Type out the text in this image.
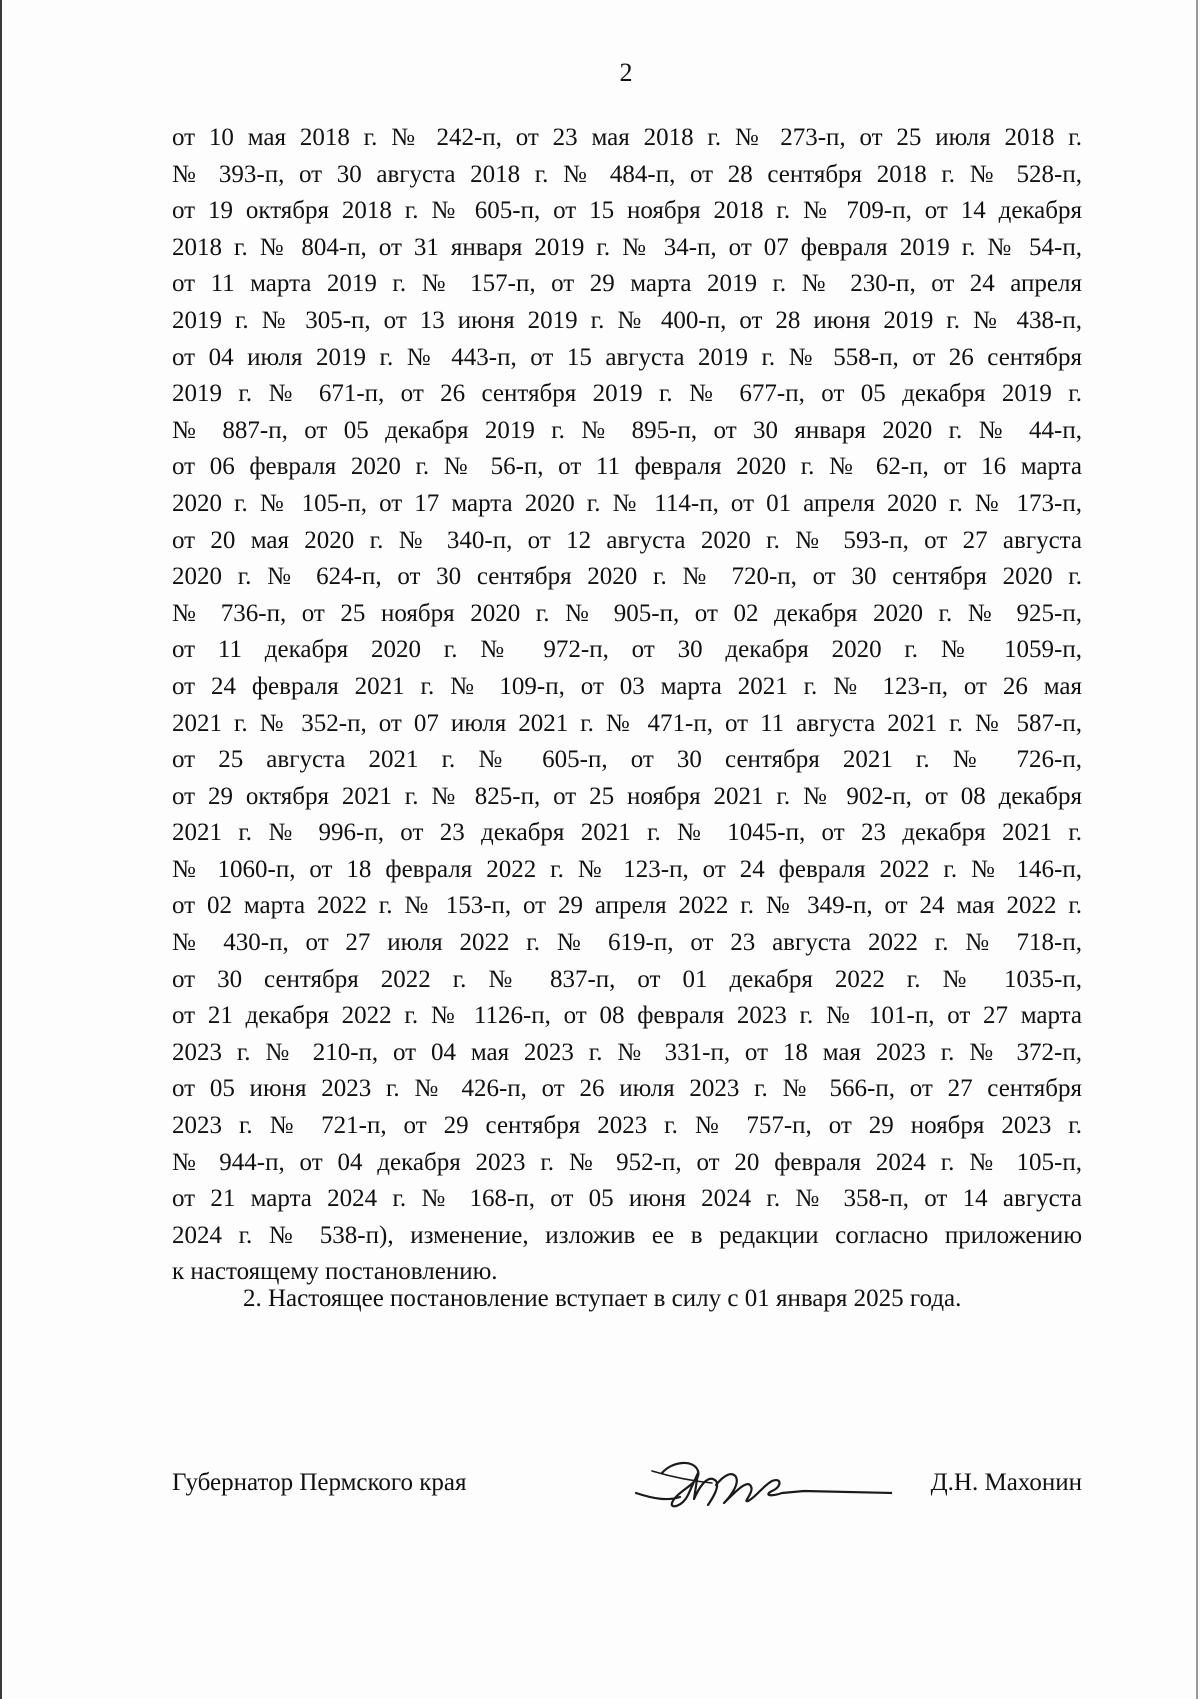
2
от 10 мая 2018 г. № 242-п, от 23 мая 2018 г. № 273-п, от 25 июля 2018 г.
№ 393-п, от 30 августа 2018 г. № 484-п, от 28 сентября 2018 г. № 528-п,
от 19 октября 2018 г. № 605-п, от 15 ноября 2018 г. № 709-п, от 14 декабря
2018 г. № 804-п, от 31 января 2019 г. № 34-п, от 07 февраля 2019 г. № 54-п,
от 11 марта 2019 г. № 157-п, от 29 марта 2019 г. № 230-п, от 24 апреля
2019 г. № 305-п, от 13 июня 2019 г. № 400-п, от 28 июня 2019 г. № 438-п,
от 04 июля 2019 г. № 443-п, от 15 августа 2019 г. № 558-п, от 26 сентября
2019 г. № 671-п, от 26 сентября 2019 г. № 677-п, от 05 декабря 2019 г.
№ 887-п, от 05 декабря 2019 г. № 895-п, от 30 января 2020 г. № 44-п,
от 06 февраля 2020 г. № 56-п, от 11 февраля 2020 г. № 62-п, от 16 марта
2020 г. № 105-п, от 17 марта 2020 г. № 114-п, от 01 апреля 2020 г. № 173-п,
от 20 мая 2020 г. № 340-п, от 12 августа 2020 г. № 593-п, от 27 августа
2020 г. № 624-п, от 30 сентября 2020 г. № 720-п, от 30 сентября 2020 г.
№ 736-п, от 25 ноября 2020 г. № 905-п, от 02 декабря 2020 г. № 925-п,
от 11 декабря 2020 г. № 972-п, от 30 декабря 2020 г. № 1059-п,
от 24 февраля 2021 г. № 109-п, от 03 марта 2021 г. № 123-п, от 26 мая
2021 г. № 352-п, от 07 июля 2021 г. № 471-п, от 11 августа 2021 г. № 587-п,
от 25 августа 2021 г. № 605-п, от 30 сентября 2021 г. № 726-п,
от 29 октября 2021 г. № 825-п, от 25 ноября 2021 г. № 902-п, от 08 декабря
2021 г. № 996-п, от 23 декабря 2021 г. № 1045-п, от 23 декабря 2021 г.
№ 1060-п, от 18 февраля 2022 г. № 123-п, от 24 февраля 2022 г. № 146-п,
от 02 марта 2022 г. № 153-п, от 29 апреля 2022 г. № 349-п, от 24 мая 2022 г.
№ 430-п, от 27 июля 2022 г. № 619-п, от 23 августа 2022 г. № 718-п,
от 30 сентября 2022 г. № 837-п, от 01 декабря 2022 г. № 1035-п,
от 21 декабря 2022 г. № 1126-п, от 08 февраля 2023 г. № 101-п, от 27 марта
2023 г. № 210-п, от 04 мая 2023 г. № 331-п, от 18 мая 2023 г. № 372-п,
от 05 июня 2023 г. № 426-п, от 26 июля 2023 г. № 566-п, от 27 сентября
2023 г. № 721-п, от 29 сентября 2023 г. № 757-п, от 29 ноября 2023 г.
№ 944-п, от 04 декабря 2023 г. № 952-п, от 20 февраля 2024 г. № 105-п,
от 21 марта 2024 г. № 168-п, от 05 июня 2024 г. № 358-п, от 14 августа
2024 г. № 538-п), изменение, изложив ее в редакции согласно приложению
к настоящему постановлению.
2. Настоящее постановление вступает в силу с 01 января 2025 года.
Губернатор Пермского края	Д.Н. Махонин
